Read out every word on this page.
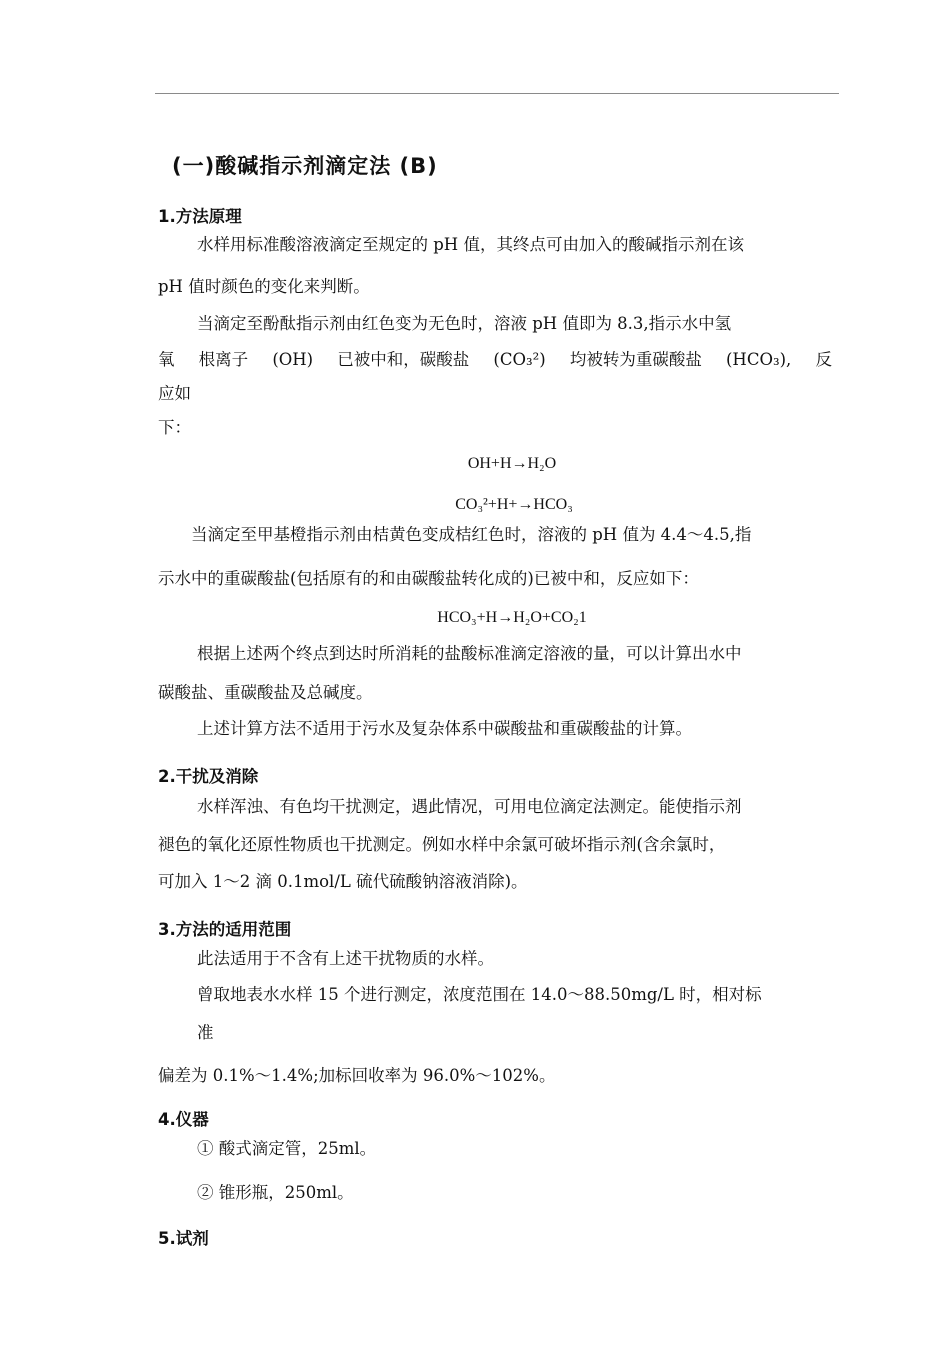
(一)酸碱指示剂滴定法 (B)
1.方法原理
水样用标准酸溶液滴定至规定的 pH 值，其终点可由加入的酸碱指示剂在该
pH 值时颜色的变化来判断。
当滴定至酚酞指示剂由红色变为无色时，溶液 pH 值即为 8.3,指示水中氢
氧 根离子 (OH) 已被中和，碳酸盐 (CO₃²) 均被转为重碳酸盐 (HCO₃), 反
应如
下：
OH+H→H₂O
CO₃²+H+→HCO₃
当滴定至甲基橙指示剂由桔黄色变成桔红色时，溶液的 pH 值为 4.4～4.5,指
示水中的重碳酸盐(包括原有的和由碳酸盐转化成的)已被中和，反应如下：
HCO₃+H→H₂O+CO₂1
根据上述两个终点到达时所消耗的盐酸标准滴定溶液的量，可以计算出水中
碳酸盐、重碳酸盐及总碱度。
上述计算方法不适用于污水及复杂体系中碳酸盐和重碳酸盐的计算。
2.干扰及消除
水样浑浊、有色均干扰测定，遇此情况，可用电位滴定法测定。能使指示剂
褪色的氧化还原性物质也干扰测定。例如水样中余氯可破坏指示剂(含余氯时，
可加入 1～2 滴 0.1mol/L 硫代硫酸钠溶液消除)。
3.方法的适用范围
此法适用于不含有上述干扰物质的水样。
曾取地表水水样 15 个进行测定，浓度范围在 14.0～88.50mg/L 时，相对标
准
偏差为 0.1%～1.4%;加标回收率为 96.0%～102%。
4.仪器
① 酸式滴定管，25ml。
② 锥形瓶，250ml。
5.试剂
